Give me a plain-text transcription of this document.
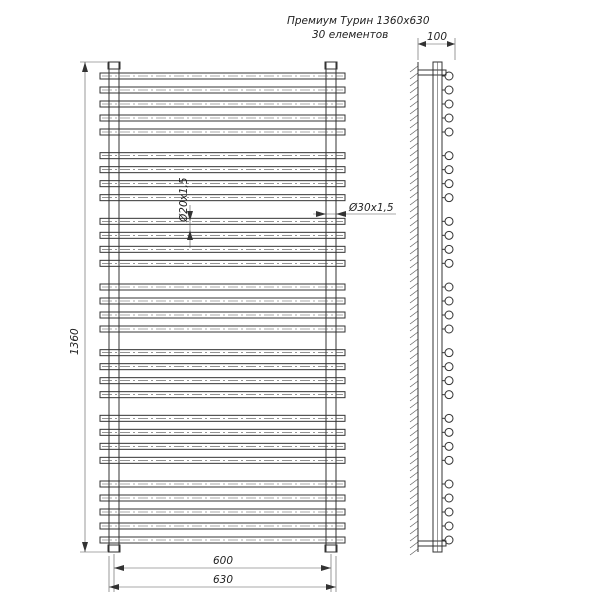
Премиум Турин 1360х630
30 елементов
1360
600
630
Ø20х1,5	Ø30х1,5
100
